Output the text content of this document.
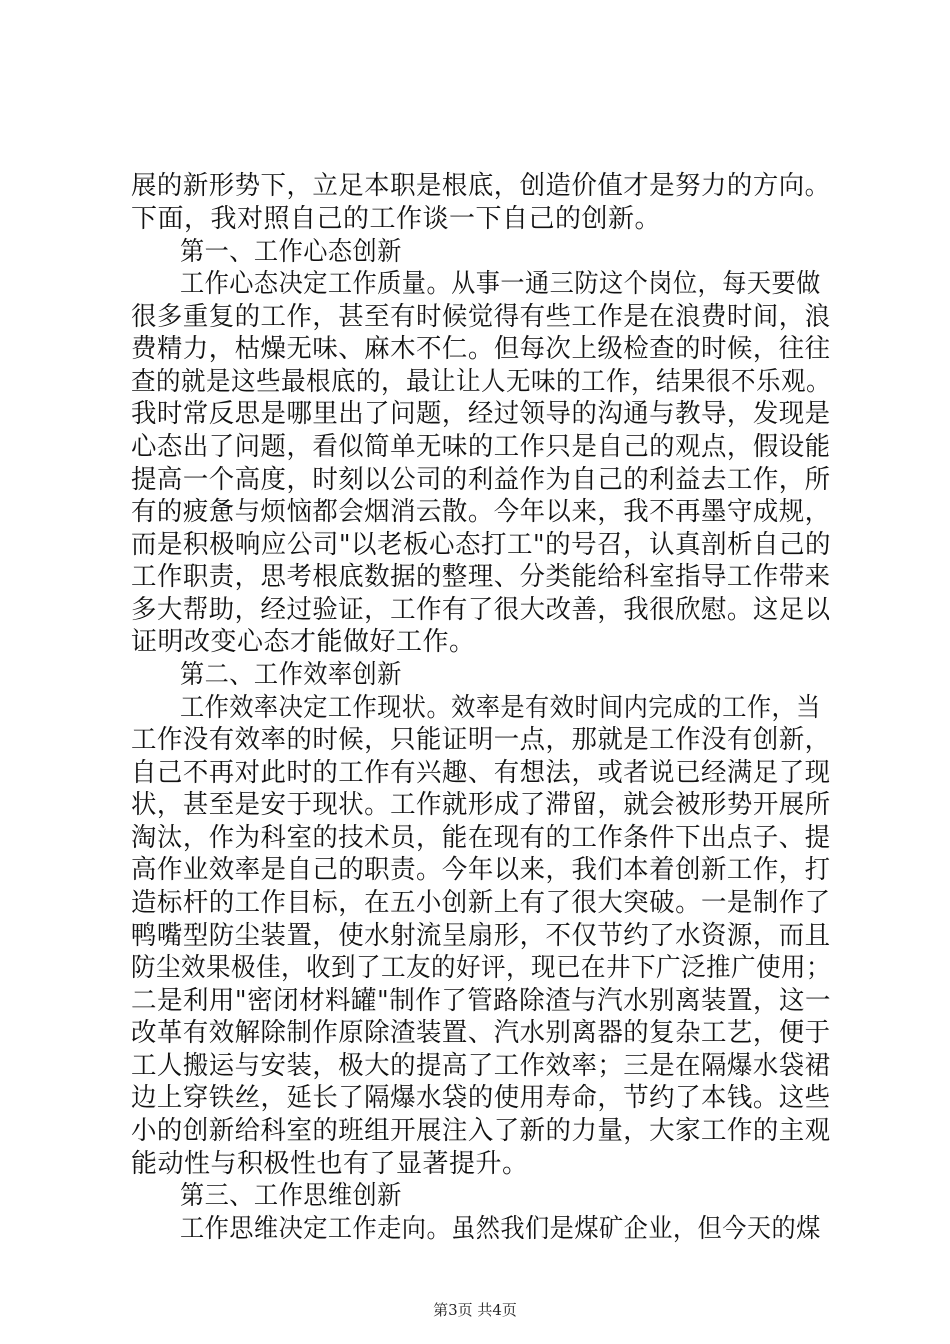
展的新形势下，立足本职是根底，创造价值才是努力的方向。
下面，我对照自己的工作谈一下自己的创新。
第一、工作心态创新
工作心态决定工作质量。从事一通三防这个岗位，每天要做
很多重复的工作，甚至有时候觉得有些工作是在浪费时间，浪
费精力，枯燥无味、麻木不仁。但每次上级检查的时候，往往
查的就是这些最根底的，最让让人无味的工作，结果很不乐观。
我时常反思是哪里出了问题，经过领导的沟通与教导，发现是
心态出了问题，看似简单无味的工作只是自己的观点，假设能
提高一个高度，时刻以公司的利益作为自己的利益去工作，所
有的疲惫与烦恼都会烟消云散。今年以来，我不再墨守成规，
而是积极响应公司"以老板心态打工"的号召，认真剖析自己的
工作职责，思考根底数据的整理、分类能给科室指导工作带来
多大帮助，经过验证，工作有了很大改善，我很欣慰。这足以
证明改变心态才能做好工作。
第二、工作效率创新
工作效率决定工作现状。效率是有效时间内完成的工作，当
工作没有效率的时候，只能证明一点，那就是工作没有创新，
自己不再对此时的工作有兴趣、有想法，或者说已经满足了现
状，甚至是安于现状。工作就形成了滞留，就会被形势开展所
淘汰，作为科室的技术员，能在现有的工作条件下出点子、提
高作业效率是自己的职责。今年以来，我们本着创新工作，打
造标杆的工作目标，在五小创新上有了很大突破。一是制作了
鸭嘴型防尘装置，使水射流呈扇形，不仅节约了水资源，而且
防尘效果极佳，收到了工友的好评，现已在井下广泛推广使用；
二是利用"密闭材料罐"制作了管路除渣与汽水别离装置，这一
改革有效解除制作原除渣装置、汽水别离器的复杂工艺，便于
工人搬运与安装，极大的提高了工作效率；三是在隔爆水袋裙
边上穿铁丝，延长了隔爆水袋的使用寿命，节约了本钱。这些
小的创新给科室的班组开展注入了新的力量，大家工作的主观
能动性与积极性也有了显著提升。
第三、工作思维创新
工作思维决定工作走向。虽然我们是煤矿企业，但今天的煤
第3页 共4页
